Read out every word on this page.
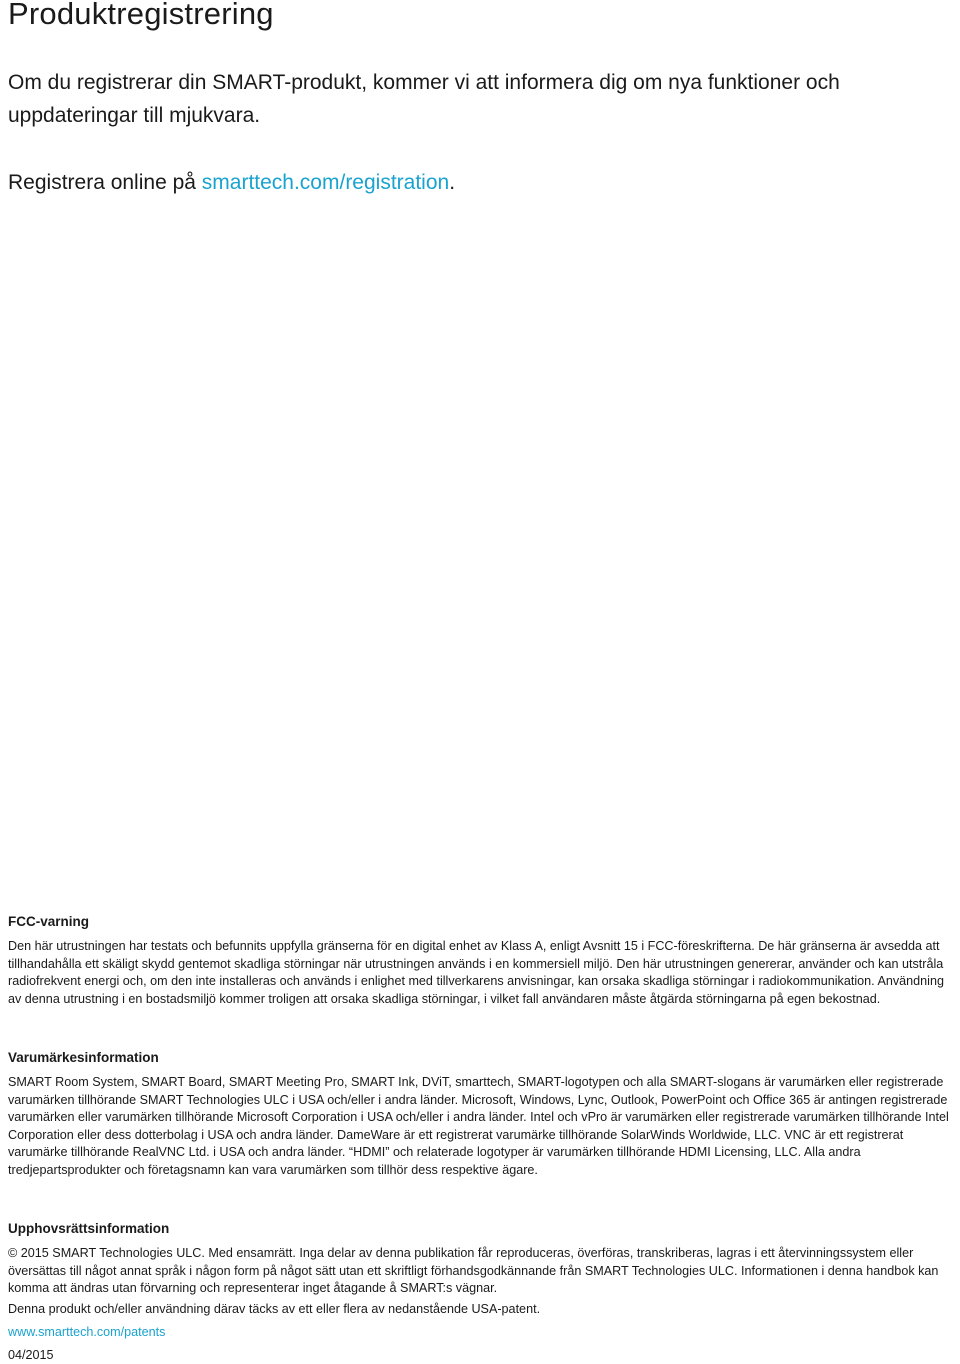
Produktregistrering

Om du registrerar din SMART-produkt, kommer vi att informera dig om nya funktioner och uppdateringar till mjukvara.

Registrera online på smarttech.com/registration.

FCC-varning

Den här utrustningen har testats och befunnits uppfylla gränserna för en digital enhet av Klass A, enligt Avsnitt 15 i FCC-föreskrifterna. De här gränserna är avsedda att tillhandahålla ett skäligt skydd gentemot skadliga störningar när utrustningen används i en kommersiell miljö. Den här utrustningen genererar, använder och kan utstråla radiofrekvent energi och, om den inte installeras och används i enlighet med tillverkarens anvisningar, kan orsaka skadliga störningar i radiokommunikation. Användning av denna utrustning i en bostadsmiljö kommer troligen att orsaka skadliga störningar, i vilket fall användaren måste åtgärda störningarna på egen bekostnad.

Varumärkesinformation

SMART Room System, SMART Board, SMART Meeting Pro, SMART Ink, DViT, smarttech, SMART-logotypen och alla SMART-slogans är varumärken eller registrerade varumärken tillhörande SMART Technologies ULC i USA och/eller i andra länder. Microsoft, Windows, Lync, Outlook, PowerPoint och Office 365 är antingen registrerade varumärken eller varumärken tillhörande Microsoft Corporation i USA och/eller i andra länder. Intel och vPro är varumärken eller registrerade varumärken tillhörande Intel Corporation eller dess dotterbolag i USA och andra länder. DameWare är ett registrerat varumärke tillhörande SolarWinds Worldwide, LLC. VNC är ett registrerat varumärke tillhörande RealVNC Ltd. i USA och andra länder. “HDMI” och relaterade logotyper är varumärken tillhörande HDMI Licensing, LLC. Alla andra tredjepartsprodukter och företagsnamn kan vara varumärken som tillhör dess respektive ägare.

Upphovsrättsinformation

© 2015 SMART Technologies ULC. Med ensamrätt. Inga delar av denna publikation får reproduceras, överföras, transkriberas, lagras i ett återvinningssystem eller översättas till något annat språk i någon form på något sätt utan ett skriftligt förhandsgodkännande från SMART Technologies ULC. Informationen i denna handbok kan komma att ändras utan förvarning och representerar inget åtagande å SMART:s vägnar.

Denna produkt och/eller användning därav täcks av ett eller flera av nedanstående USA-patent.

www.smarttech.com/patents

04/2015
